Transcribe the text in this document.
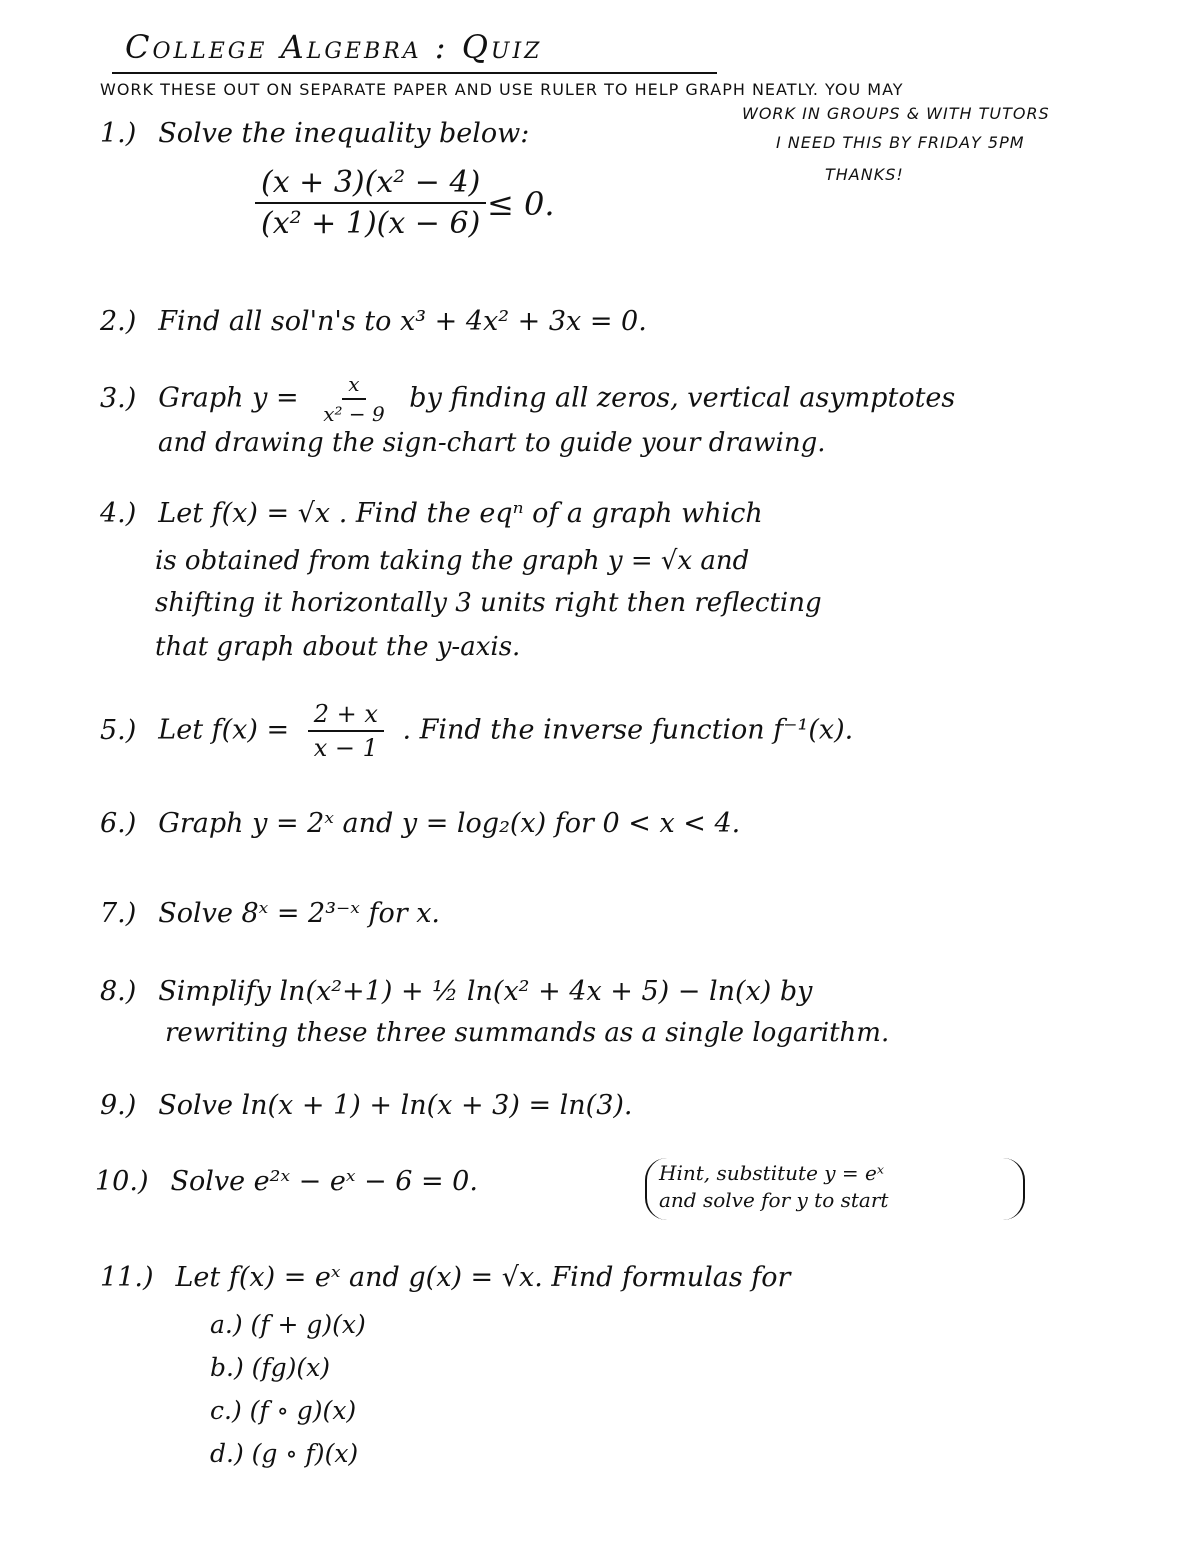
College Algebra : Quiz
WORK THESE OUT ON SEPARATE PAPER AND USE RULER TO HELP GRAPH NEATLY. YOU MAY
WORK IN GROUPS & WITH TUTORS
I NEED THIS BY FRIDAY 5PM
THANKS!
1.) Solve the inequality below:
$\frac{\text{(x + 3)(x² − 4)}}{\text{(x² + 1)(x − 6)}} \le 0$.
2.) Find all sol'n's to x³ + 4x² + 3x = 0.
3.) Graph $y = \frac{x}{\text{x² − 9}}$ by finding all zeros, vertical asymptotes
and drawing the sign-chart to guide your drawing.
4.) Let f(x) = √x . Find the eqⁿ of a graph which
is obtained from taking the graph y = √x and
shifting it horizontally 3 units right then reflecting
that graph about the y-axis.
5.) Let $f(x) = \frac{2 + x}{x - 1}$ . Find the inverse function f⁻¹(x).
6.) Graph y = 2ˣ and y = log₂(x) for 0 < x < 4.
7.) Solve 8ˣ = 2³⁻ˣ for x.
8.) Simplify ln(x²+1) + ½ ln(x² + 4x + 5) − ln(x) by
rewriting these three summands as a single logarithm.
9.) Solve ln(x + 1) + ln(x + 3) = ln(3).
10.) Solve e²ˣ − eˣ − 6 = 0.	Hint, substitute y = eˣ
and solve for y to start
11.) Let f(x) = eˣ and g(x) = √x. Find formulas for
a.) (f + g)(x)
b.) (fg)(x)
c.) (f ∘ g)(x)
d.) (g ∘ f)(x)
